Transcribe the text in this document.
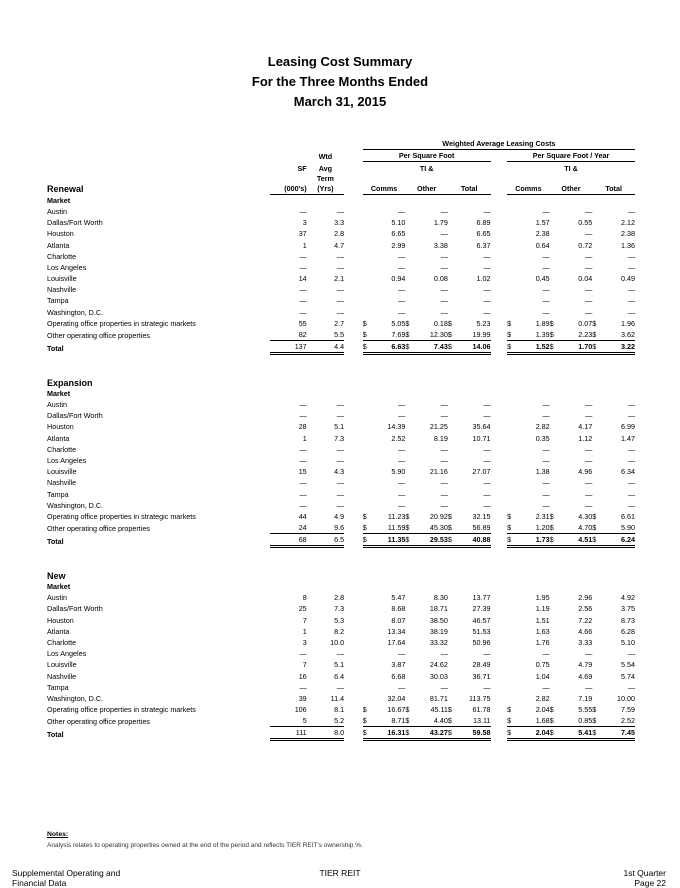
Leasing Cost Summary
For the Three Months Ended
March 31, 2015
				Weighted Average Leasing Costs												
		Wtd		Per Square Foot							Per Square Foot / Year					
	SF	Avg				TI &							TI &			
Renewal	(000's)	Term
(Yrs)		Comms		Other		Total			Comms		Other		Total	
Market																
Austin	—	—			—		—		—			—		—		—
Dallas/Fort Worth	3	3.3			5.10		1.79		6.89			1.57		0.55		2.12
Houston	37	2.8			6.65		—		6.65			2.38		—		2.38
Atlanta	1	4.7			2.99		3.38		6.37			0.64		0.72		1.36
Charlotte	—	—			—		—		—			—		—		—
Los Angeles	—	—			—		—		—			—		—		—
Louisville	14	2.1			0.94		0.08		1.02			0.45		0.04		0.49
Nashville	—	—			—		—		—			—		—		—
Tampa	—	—			—		—		—			—		—		—
Washington, D.C.	—	—			—		—		—			—		—		—
Operating office properties in strategic markets	55	2.7		$	5.05	$	0.18	$	5.23		$	1.89	$	0.07	$	1.96
Other operating office properties	82	5.5		$	7.69	$	12.30	$	19.99		$	1.39	$	2.23	$	3.62
Total	137	4.4		$	6.63	$	7.43	$	14.06		$	1.52	$	1.70	$	3.22

Expansion																
Market																
Austin	—	—			—		—		—			—		—		—
Dallas/Fort Worth	—	—			—		—		—			—		—		—
Houston	28	5.1			14.39		21.25		35.64			2.82		4.17		6.99
Atlanta	1	7.3			2.52		8.19		10.71			0.35		1.12		1.47
Charlotte	—	—			—		—		—			—		—		—
Los Angeles	—	—			—		—		—			—		—		—
Louisville	15	4.3			5.90		21.16		27.07			1.38		4.96		6.34
Nashville	—	—			—		—		—			—		—		—
Tampa	—	—			—		—		—			—		—		—
Washington, D.C.	—	—			—		—		—			—		—		—
Operating office properties in strategic markets	44	4.9		$	11.23	$	20.92	$	32.15		$	2.31	$	4.30	$	6.61
Other operating office properties	24	9.6		$	11.59	$	45.30	$	56.89		$	1.20	$	4.70	$	5.90
Total	68	6.5		$	11.35	$	29.53	$	40.88		$	1.73	$	4.51	$	6.24

New																
Market																
Austin	8	2.8			5.47		8.30		13.77			1.95		2.96		4.92
Dallas/Fort Worth	25	7.3			8.68		18.71		27.39			1.19		2.56		3.75
Houston	7	5.3			8.07		38.50		46.57			1.51		7.22		8.73
Atlanta	1	8.2			13.34		38.19		51.53			1.63		4.66		6.28
Charlotte	3	10.0			17.64		33.32		50.96			1.76		3.33		5.10
Los Angeles	—	—			—		—		—			—		—		—
Louisville	7	5.1			3.87		24.62		28.49			0.75		4.79		5.54
Nashville	16	6.4			6.68		30.03		36.71			1.04		4.69		5.74
Tampa	—	—			—		—		—			—		—		—
Washington, D.C.	39	11.4			32.04		81.71		113.75			2.82		7.19		10.00
Operating office properties in strategic markets	106	8.1		$	16.67	$	45.11	$	61.78		$	2.04	$	5.55	$	7.59
Other operating office properties	5	5.2		$	8.71	$	4.40	$	13.11		$	1.68	$	0.85	$	2.52
Total	111	8.0		$	16.31	$	43.27	$	59.58		$	2.04	$	5.41	$	7.45
Notes:
Analysis relates to operating properties owned at the end of the period and reflects TIER REIT's ownership %.
Supplemental Operating and
Financial Data
TIER REIT	1st Quarter
Page 22
